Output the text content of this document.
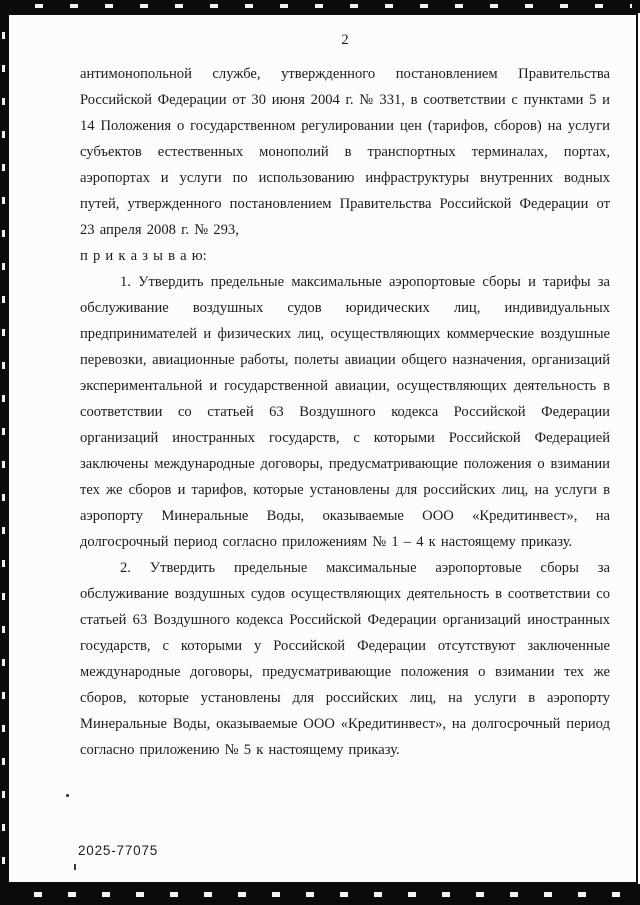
2

антимонопольной службе, утвержденного постановлением Правительства Российской Федерации от 30 июня 2004 г. № 331, в соответствии с пунктами 5 и 14 Положения о государственном регулировании цен (тарифов, сборов) на услуги субъектов естественных монополий в транспортных терминалах, портах, аэропортах и услуги по использованию инфраструктуры внутренних водных путей, утвержденного постановлением Правительства Российской Федерации от 23 апреля 2008 г. № 293,

п р и к а з ы в а ю:

1. Утвердить предельные максимальные аэропортовые сборы и тарифы за обслуживание воздушных судов юридических лиц, индивидуальных предпринимателей и физических лиц, осуществляющих коммерческие воздушные перевозки, авиационные работы, полеты авиации общего назначения, организаций экспериментальной и государственной авиации, осуществляющих деятельность в соответствии со статьей 63 Воздушного кодекса Российской Федерации организаций иностранных государств, с которыми Российской Федерацией заключены международные договоры, предусматривающие положения о взимании тех же сборов и тарифов, которые установлены для российских лиц, на услуги в аэропорту Минеральные Воды, оказываемые ООО «Кредитинвест», на долгосрочный период согласно приложениям № 1 – 4 к настоящему приказу.

2. Утвердить предельные максимальные аэропортовые сборы за обслуживание воздушных судов осуществляющих деятельность в соответствии со статьей 63 Воздушного кодекса Российской Федерации организаций иностранных государств, с которыми у Российской Федерации отсутствуют заключенные международные договоры, предусматривающие положения о взимании тех же сборов, которые установлены для российских лиц, на услуги в аэропорту Минеральные Воды, оказываемые ООО «Кредитинвест», на долгосрочный период согласно приложению № 5 к настоящему приказу.

2025-77075
